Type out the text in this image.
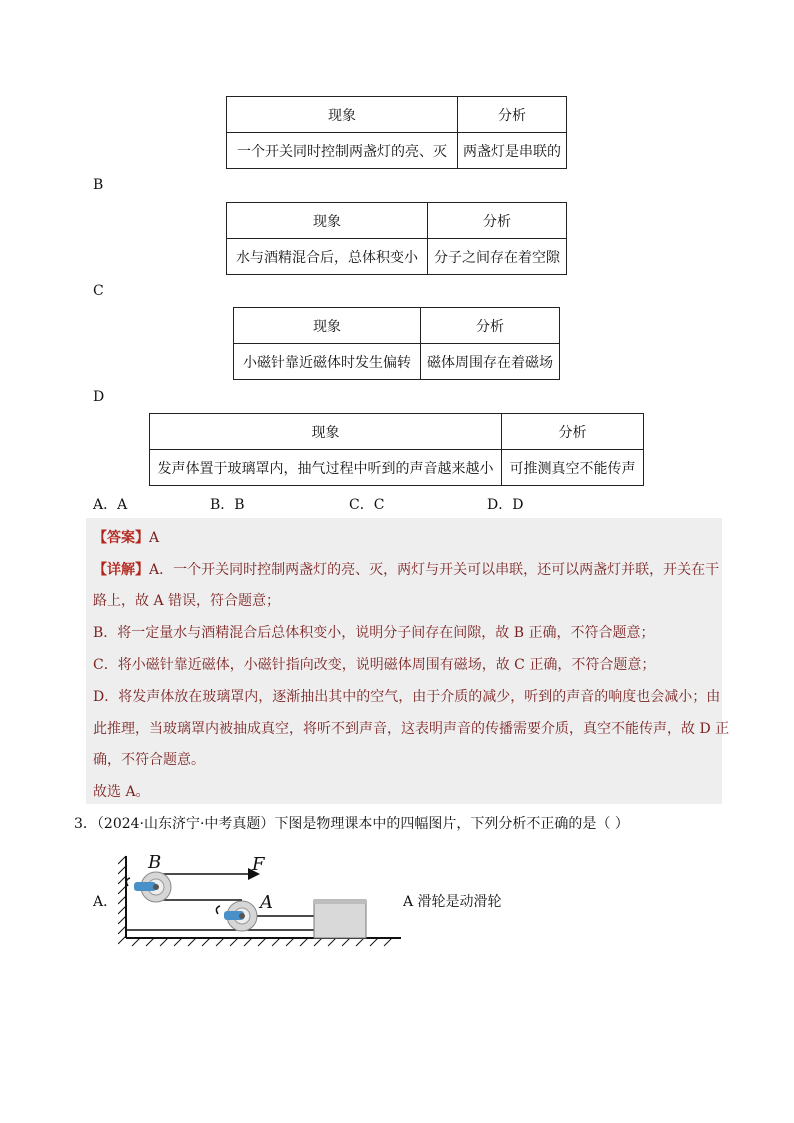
现象	分析
一个开关同时控制两盏灯的亮、灭	两盏灯是串联的
B
现象	分析
水与酒精混合后，总体积变小	分子之间存在着空隙
C
现象	分析
小磁针靠近磁体时发生偏转	磁体周围存在着磁场
D
现象	分析
发声体置于玻璃罩内，抽气过程中听到的声音越来越小	可推测真空不能传声
A．A	B．B	C．C	D．D
【答案】A
【详解】A．一个开关同时控制两盏灯的亮、灭，两灯与开关可以串联，还可以两盏灯并联，开关在干
路上，故 A 错误，符合题意；
B．将一定量水与酒精混合后总体积变小，说明分子间存在间隙，故 B 正确，不符合题意；
C．将小磁针靠近磁体，小磁针指向改变，说明磁体周围有磁场，故 C 正确，不符合题意；
D．将发声体放在玻璃罩内，逐渐抽出其中的空气，由于介质的减少，听到的声音的响度也会减小；由
此推理，当玻璃罩内被抽成真空，将听不到声音，这表明声音的传播需要介质，真空不能传声，故 D 正
确，不符合题意。
故选 A。
3．（2024·山东济宁·中考真题）下图是物理课本中的四幅图片，下列分析不正确的是（ ）
A．
B	F
A	A 滑轮是动滑轮
